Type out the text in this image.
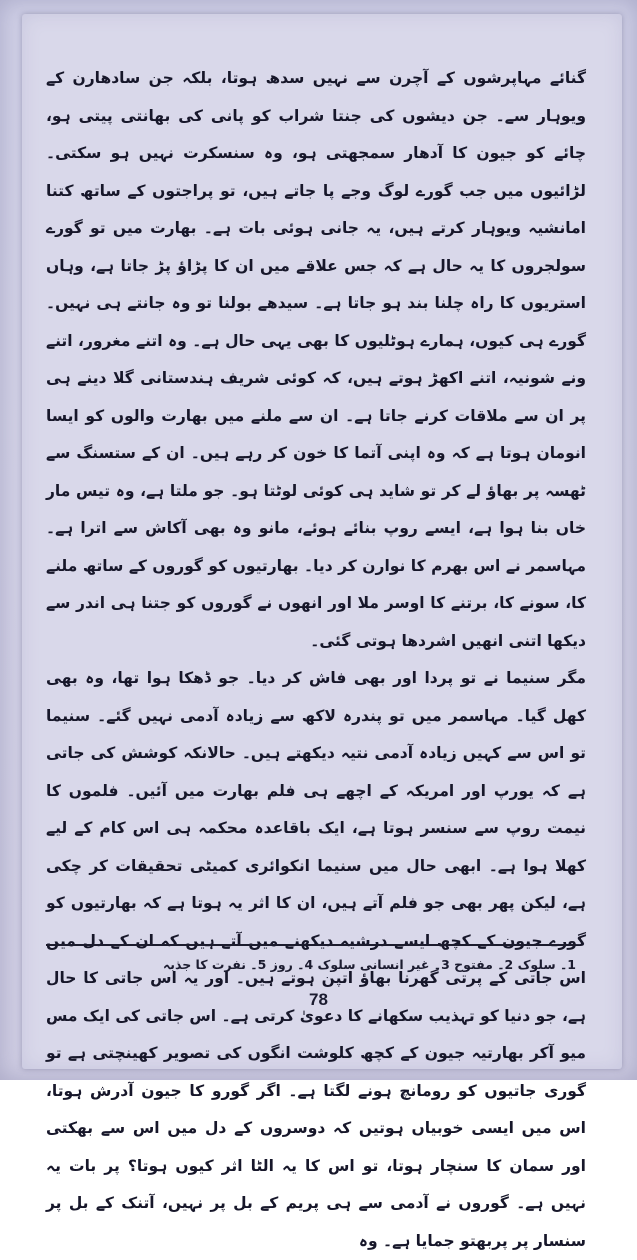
گنائے مہاپرشوں کے آچرن سے نہیں سدھ ہوتا، بلکہ جن سادھارن کے ویوہار سے۔ جن دیشوں کی جنتا شراب کو پانی کی بھانتی پیتی ہو، چائے کو جیون کا آدھار سمجھتی ہو، وہ سنسکرت نہیں ہو سکتی۔ لڑائیوں میں جب گورے لوگ وجے پا جاتے ہیں، تو پراجتوں کے ساتھ کتنا امانشیہ ویوہار کرتے ہیں، یہ جانی ہوئی بات ہے۔ بھارت میں تو گورے سولجروں کا یہ حال ہے کہ جس علاقے میں ان کا پڑاؤ پڑ جاتا ہے، وہاں استریوں کا راہ چلنا بند ہو جاتا ہے۔ سیدھے بولنا تو وہ جانتے ہی نہیں۔ گورے ہی کیوں، ہمارے ہوٹلیوں کا بھی یہی حال ہے۔ وہ اتنے مغرور، اتنے ونے شونیہ، اتنے اکھڑ ہوتے ہیں، کہ کوئی شریف ہندستانی گلا دینے ہی پر ان سے ملاقات کرنے جاتا ہے۔ ان سے ملنے میں بھارت والوں کو ایسا انومان ہوتا ہے کہ وہ اپنی آتما کا خون کر رہے ہیں۔ ان کے ستسنگ سے ٹھسہ پر بھاؤ لے کر تو شاید ہی کوئی لوٹتا ہو۔ جو ملتا ہے، وہ تیس مار خاں بنا ہوا ہے، ایسے روپ بنائے ہوئے، مانو وہ بھی آکاش سے اترا ہے۔ مہاسمر نے اس بھرم کا نوارن کر دیا۔ بھارتیوں کو گوروں کے ساتھ ملنے کا، سونے کا، برتنے کا اوسر ملا اور انھوں نے گوروں کو جتنا ہی اندر سے دیکھا اتنی انھیں اشردھا ہوتی گئی۔

مگر سنیما نے تو پردا اور بھی فاش کر دیا۔ جو ڈھکا ہوا تھا، وہ بھی کھل گیا۔ مہاسمر میں تو پندرہ لاکھ سے زیادہ آدمی نہیں گئے۔ سنیما تو اس سے کہیں زیادہ آدمی نتیہ دیکھتے ہیں۔ حالانکہ کوشش کی جاتی ہے کہ یورپ اور امریکہ کے اچھے ہی فلم بھارت میں آئیں۔ فلموں کا نیمت روپ سے سنسر ہوتا ہے، ایک باقاعدہ محکمہ ہی اس کام کے لیے کھلا ہوا ہے۔ ابھی حال میں سنیما انکوائری کمیٹی تحقیقات کر چکی ہے، لیکن پھر بھی جو فلم آتے ہیں، ان کا اثر یہ ہوتا ہے کہ بھارتیوں کو گورے جیون کے کچھ ایسے درشیہ دیکھنے میں آتے ہیں کہ ان کے دل میں اس جاتی کے پرتی گھرنا بھاؤ اتپن ہوتے ہیں۔ اور یہ اس جاتی کا حال ہے، جو دنیا کو تہذیب سکھانے کا دعویٰ کرتی ہے۔ اس جاتی کی ایک مس میو آکر بھارتیہ جیون کے کچھ کلوشت انگوں کی تصویر کھینچتی ہے تو گوری جاتیوں کو رومانچ ہونے لگتا ہے۔ اگر گورو کا جیون آدرش ہوتا، اس میں ایسی خوبیاں ہوتیں کہ دوسروں کے دل میں اس سے بھکتی اور سمان کا سنچار ہوتا، تو اس کا یہ الٹا اثر کیوں ہوتا؟ پر بات یہ نہیں ہے۔ گوروں نے آدمی سے ہی پریم کے بل پر نہیں، آتنک کے بل پر سنسار پر پربھتو جمایا ہے۔ وہ

1۔ سلوک 2۔ مفتوح 3۔ غیر انسانی سلوک 4۔ روز 5۔ نفرت کا جذبہ
78
